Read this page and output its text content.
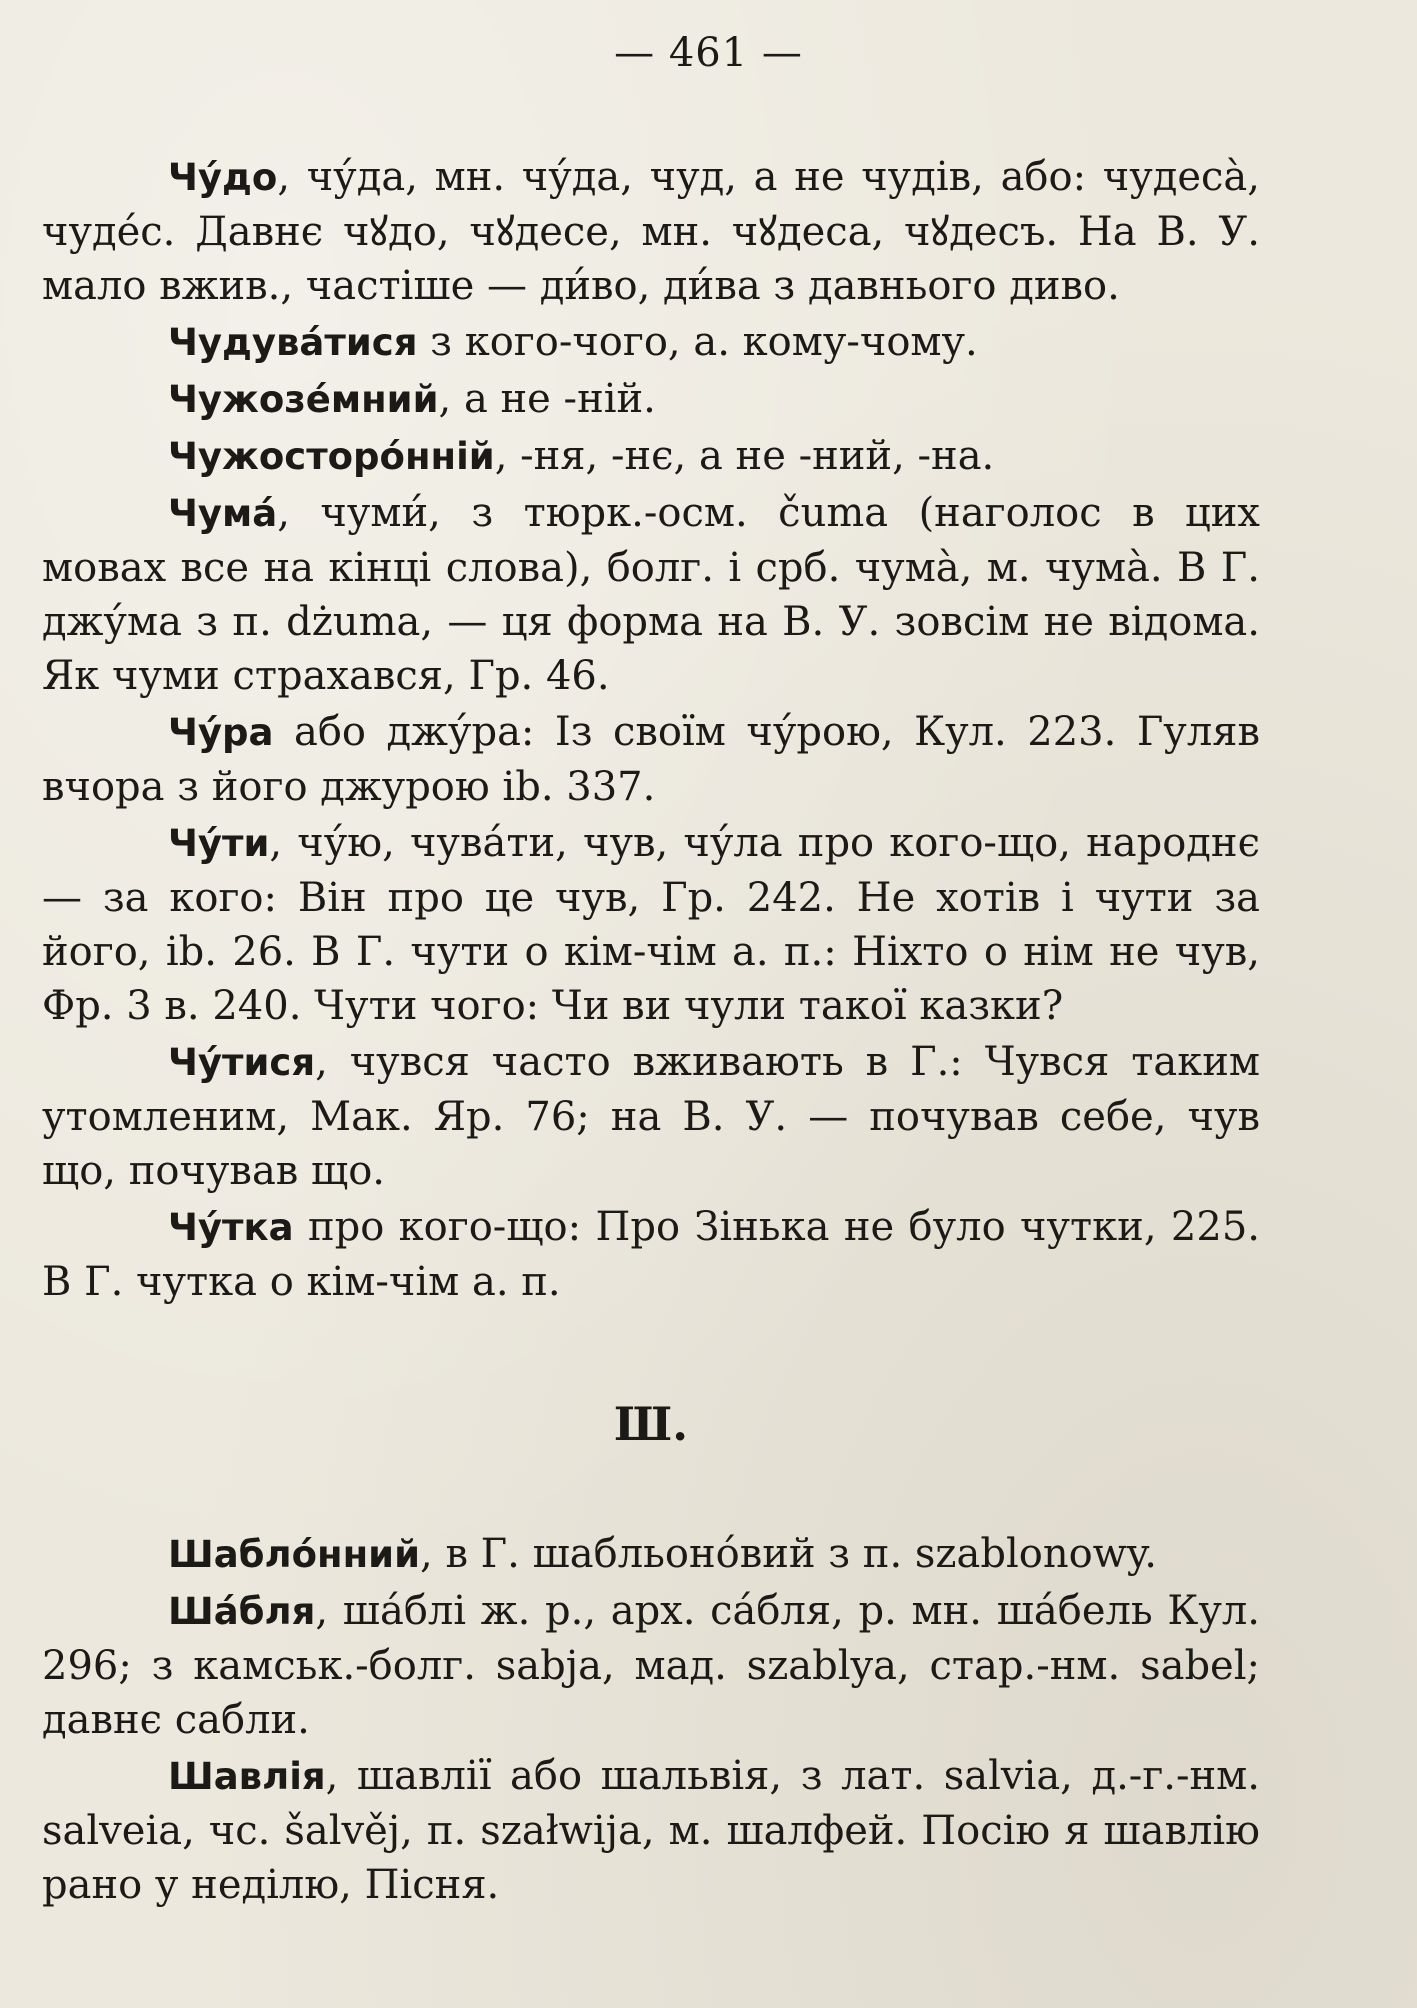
— 461 —

Чу́до, чу́да, мн. чу́да, чуд, а не чудів, або: чудеса̀, чуде́с. Давнє чꙋдо, чꙋдесе, мн. чꙋдеса, чꙋдесъ. На В. У. мало вжив., частіше — ди́во, ди́ва з давнього диво.

Чудува́тися з кого-чого, а. кому-чому.

Чужозе́мний, а не -ній.

Чужосторо́нній, -ня, -нє, а не -ний, -на.

Чума́, чуми́, з тюрк.-осм. čuma (наголос в цих мовах все на кінці слова), болг. і срб. чума̀, м. чума̀. В Г. джу́ма з п. dżuma, — ця форма на В. У. зовсім не відома. Як чуми страхався, Гр. 46.

Чу́ра або джу́ра: Із своїм чу́рою, Кул. 223. Гуляв вчора з його джурою іb. 337.

Чу́ти, чу́ю, чува́ти, чув, чу́ла про кого-що, народнє — за кого: Він про це чув, Гр. 242. Не хотів і чути за його, іb. 26. В Г. чути о кім-чім а. п.: Ніхто о нім не чув, Фр. 3 в. 240. Чути чого: Чи ви чули такої казки?

Чу́тися, чувся часто вживають в Г.: Чувся таким утомленим, Мак. Яр. 76; на В. У. — почував себе, чув що, почував що.

Чу́тка про кого-що: Про Зінька не було чутки, 225. В Г. чутка о кім-чім а. п.

Ш.

Шабло́нний, в Г. шабльоно́вий з п. szablonowy.

Ша́бля, ша́блі ж. р., арх. са́бля, р. мн. ша́бель Кул. 296; з камськ.-болг. sabja, мад. szablya, стар.-нм. sabel; давнє сабли.

Шавлія, шавлії або шальвія, з лат. salvia, д.-г.-нм. salveia, чс. šalvěj, п. szałwija, м. шалфей. Посію я шавлію рано у неділю, Пісня.
